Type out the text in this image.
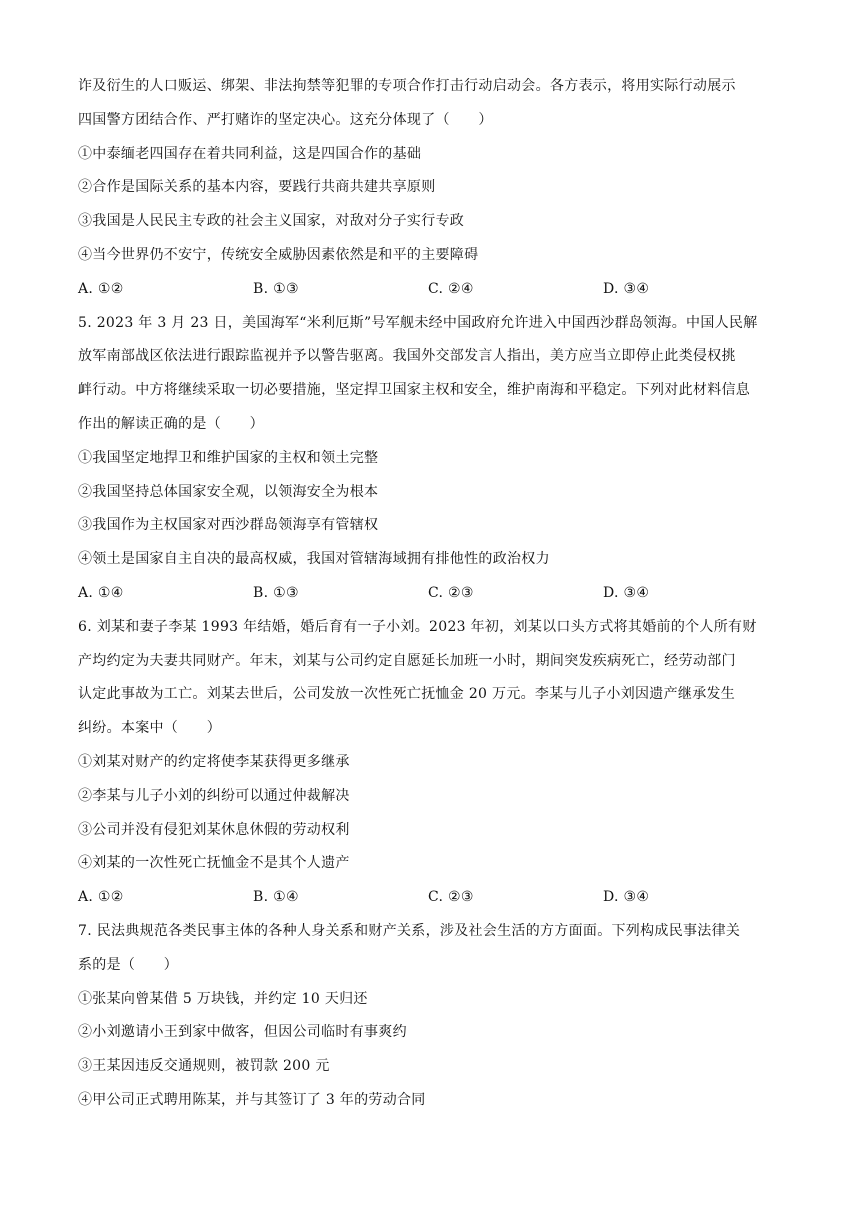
诈及衍生的人口贩运、绑架、非法拘禁等犯罪的专项合作打击行动启动会。各方表示，将用实际行动展示
四国警方团结合作、严打赌诈的坚定决心。这充分体现了（　　）
①中泰缅老四国存在着共同利益，这是四国合作的基础
②合作是国际关系的基本内容，要践行共商共建共享原则
③我国是人民民主专政的社会主义国家，对敌对分子实行专政
④当今世界仍不安宁，传统安全威胁因素依然是和平的主要障碍
A. ①②	B. ①③	C. ②④	D. ③④
5. 2023 年 3 月 23 日，美国海军“米利厄斯”号军舰未经中国政府允许进入中国西沙群岛领海。中国人民解
放军南部战区依法进行跟踪监视并予以警告驱离。我国外交部发言人指出，美方应当立即停止此类侵权挑
衅行动。中方将继续采取一切必要措施，坚定捍卫国家主权和安全，维护南海和平稳定。下列对此材料信息
作出的解读正确的是（　　）
①我国坚定地捍卫和维护国家的主权和领土完整
②我国坚持总体国家安全观，以领海安全为根本
③我国作为主权国家对西沙群岛领海享有管辖权
④领土是国家自主自决的最高权威，我国对管辖海域拥有排他性的政治权力
A. ①④	B. ①③	C. ②③	D. ③④
6. 刘某和妻子李某 1993 年结婚，婚后育有一子小刘。2023 年初，刘某以口头方式将其婚前的个人所有财
产均约定为夫妻共同财产。年末，刘某与公司约定自愿延长加班一小时，期间突发疾病死亡，经劳动部门
认定此事故为工亡。刘某去世后，公司发放一次性死亡抚恤金 20 万元。李某与儿子小刘因遗产继承发生
纠纷。本案中（　　）
①刘某对财产的约定将使李某获得更多继承
②李某与儿子小刘的纠纷可以通过仲裁解决
③公司并没有侵犯刘某休息休假的劳动权利
④刘某的一次性死亡抚恤金不是其个人遗产
A. ①②	B. ①④	C. ②③	D. ③④
7. 民法典规范各类民事主体的各种人身关系和财产关系，涉及社会生活的方方面面。下列构成民事法律关
系的是（　　）
①张某向曾某借 5 万块钱，并约定 10 天归还
②小刘邀请小王到家中做客，但因公司临时有事爽约
③王某因违反交通规则，被罚款 200 元
④甲公司正式聘用陈某，并与其签订了 3 年的劳动合同
